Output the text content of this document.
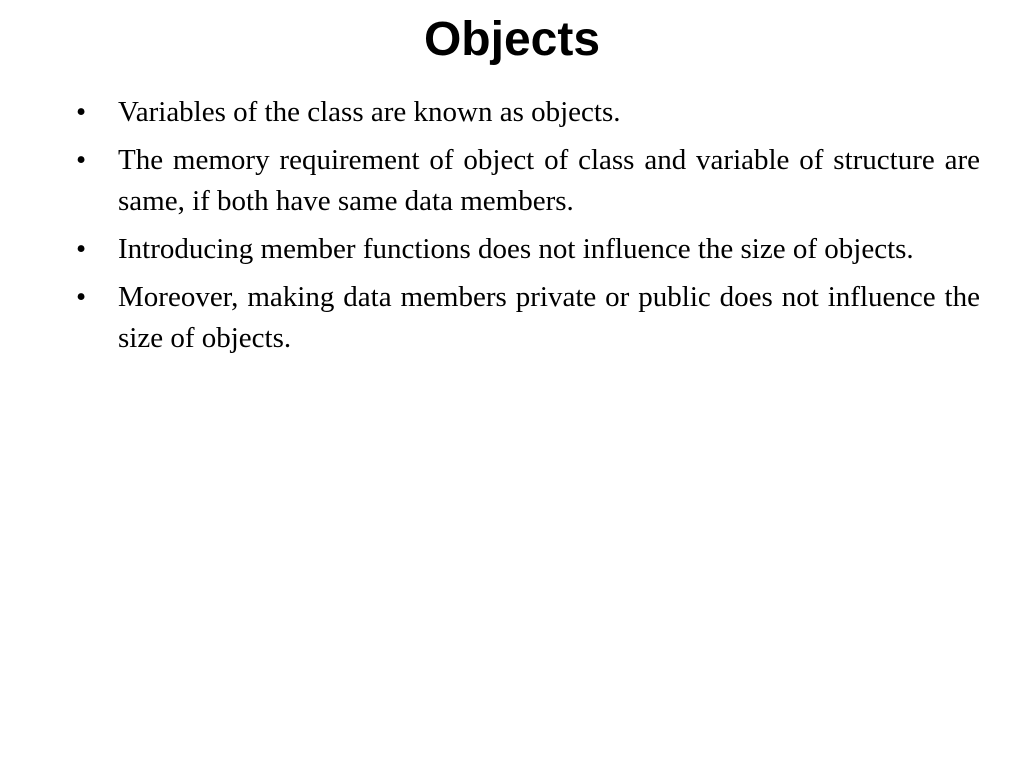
Objects
• Variables of the class are known as objects.
• The memory requirement of object of class and variable of structure are same, if both have same data members.
• Introducing member functions does not influence the size of objects.
• Moreover, making data members private or public does not influence the size of objects.
